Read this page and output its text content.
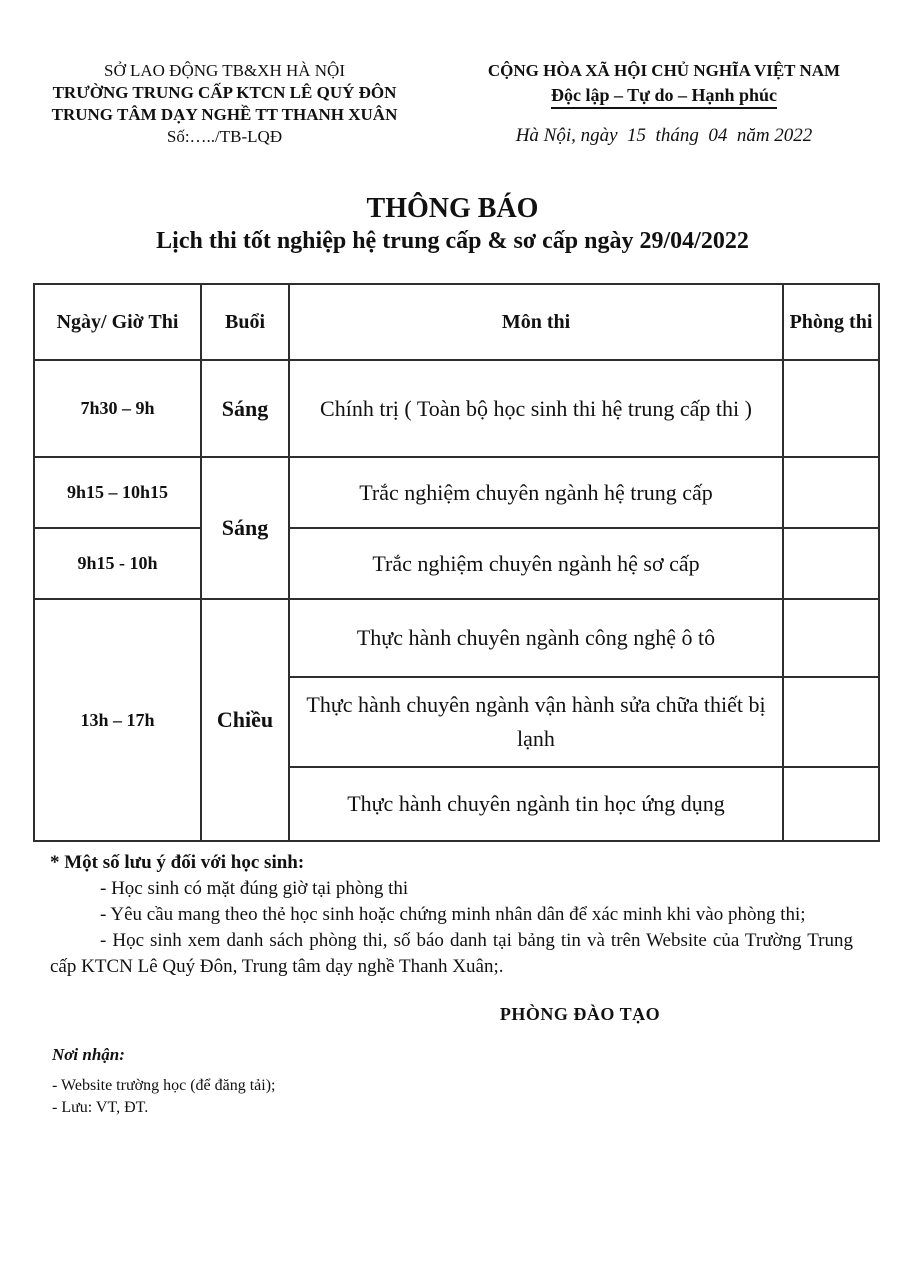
SỞ LAO ĐỘNG TB&XH HÀ NỘI
TRƯỜNG TRUNG CẤP KTCN LÊ QUÝ ĐÔN
TRUNG TÂM DẠY NGHỀ TT THANH XUÂN
Số:…../TB-LQĐ
CỘNG HÒA XÃ HỘI CHỦ NGHĨA VIỆT NAM
Độc lập – Tự do – Hạnh phúc
Hà Nội, ngày  15  tháng  04  năm 2022
THÔNG BÁO
Lịch thi tốt nghiệp hệ trung cấp & sơ cấp ngày 29/04/2022
Ngày/ Giờ Thi	Buổi	Môn thi	Phòng thi
7h30 – 9h	Sáng	Chính trị ( Toàn bộ học sinh thi hệ trung cấp thi )	
9h15 – 10h15	Sáng	Trắc nghiệm chuyên ngành hệ trung cấp	
9h15 - 10h		Trắc nghiệm chuyên ngành hệ sơ cấp	
13h – 17h	Chiều	Thực hành chuyên ngành công nghệ ô tô	
		Thực hành chuyên ngành vận hành sửa chữa thiết bị lạnh	
		Thực hành chuyên ngành tin học ứng dụng	

* Một số lưu ý đối với học sinh:

- Học sinh có mặt đúng giờ tại phòng thi

- Yêu cầu mang theo thẻ học sinh hoặc chứng minh nhân dân để xác minh khi vào phòng thi;

- Học sinh xem danh sách phòng thi, số báo danh tại bảng tin và trên Website của Trường Trung cấp KTCN Lê Quý Đôn, Trung tâm dạy nghề Thanh Xuân;.

PHÒNG ĐÀO TẠO
Nơi nhận:
- Website trường học (để đăng tải);
- Lưu: VT, ĐT.
